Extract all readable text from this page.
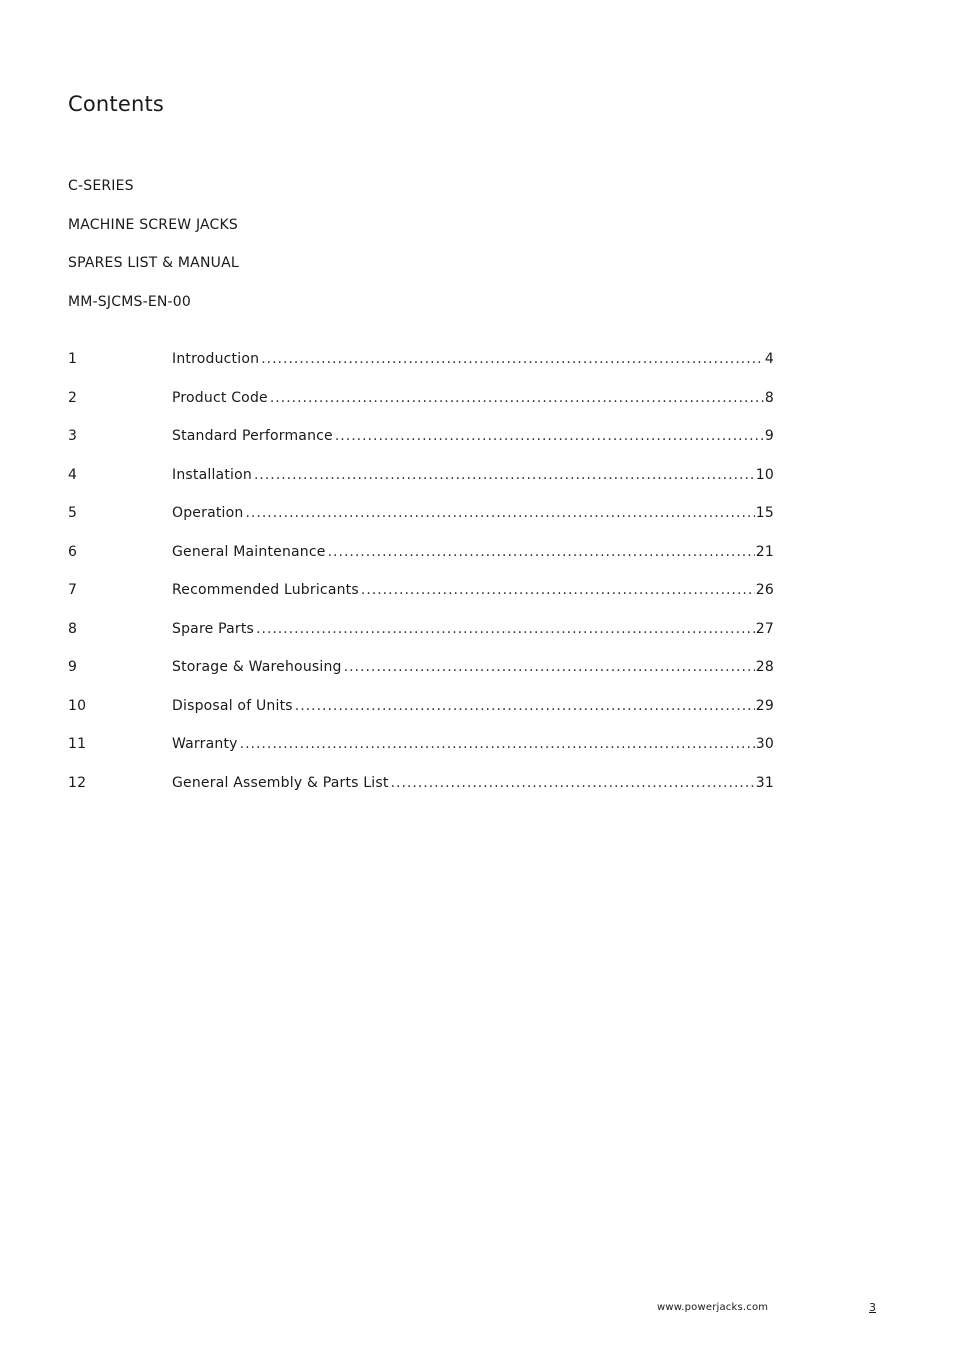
Contents
C-SERIES
MACHINE SCREW JACKS
SPARES LIST & MANUAL
MM-SJCMS-EN-00
1	Introduction .....	4
2	Product Code .....	8
3	Standard Performance .....	9
4	Installation .....	10
5	Operation .....	15
6	General Maintenance .....	21
7	Recommended Lubricants .....	26
8	Spare Parts .....	27
9	Storage & Warehousing .....	28
10	Disposal of Units .....	29
11	Warranty .....	30
12	General Assembly & Parts List .....	31
www.powerjacks.com	3
